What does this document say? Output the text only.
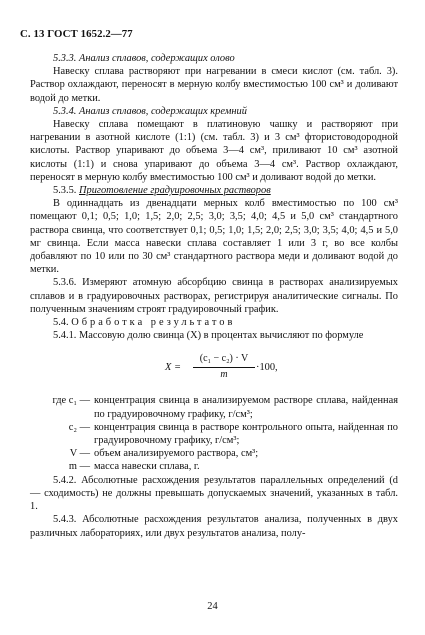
С. 13 ГОСТ 1652.2—77

5.3.3. Анализ сплавов, содержащих олово

Навеску сплава растворяют при нагревании в смеси кислот (см. табл. 3). Раствор охлаждают, переносят в мерную колбу вместимостью 100 см³ и доливают водой до метки.

5.3.4. Анализ сплавов, содержащих кремний

Навеску сплава помещают в платиновую чашку и растворяют при нагревании в азотной кислоте (1:1) (см. табл. 3) и 3 см³ фтористоводородной кислоты. Раствор упаривают до объема 3—4 см³, приливают 10 см³ азотной кислоты (1:1) и снова упаривают до объема 3—4 см³. Раствор охлаждают, переносят в мерную колбу вместимостью 100 см³ и доливают водой до метки.

5.3.5. Приготовление градуировочных растворов

В одиннадцать из двенадцати мерных колб вместимостью по 100 см³ помещают 0,1; 0,5; 1,0; 1,5; 2,0; 2,5; 3,0; 3,5; 4,0; 4,5 и 5,0 см³ стандартного раствора свинца, что соответствует 0,1; 0,5; 1,0; 1,5; 2,0; 2,5; 3,0; 3,5; 4,0; 4,5 и 5,0 мг свинца. Если масса навески сплава составляет 1 или 3 г, во все колбы добавляют по 10 или по 30 см³ стандартного раствора меди и доливают водой до метки.

5.3.6. Измеряют атомную абсорбцию свинца в растворах анализируемых сплавов и в градуировочных растворах, регистрируя аналитические сигналы. По полученным значениям строят градуировочный график.

5.4. Обработка результатов

5.4.1. Массовую долю свинца (X) в процентах вычисляют по формуле

$X = \frac{\text{(c₁ − c₂) · V}}{m} \cdot 100$,
где c₁ — концентрация свинца в анализируемом растворе сплава, найденная по градуировочному графику, г/см³;
c₂ — концентрация свинца в растворе контрольного опыта, найденная по градуировочному графику, г/см³;
V — объем анализируемого раствора, см³;
m — масса навески сплава, г.

5.4.2. Абсолютные расхождения результатов параллельных определений (d — сходимость) не должны превышать допускаемых значений, указанных в табл. 1.

5.4.3. Абсолютные расхождения результатов анализа, полученных в двух различных лабораториях, или двух результатов анализа, полу-

24
